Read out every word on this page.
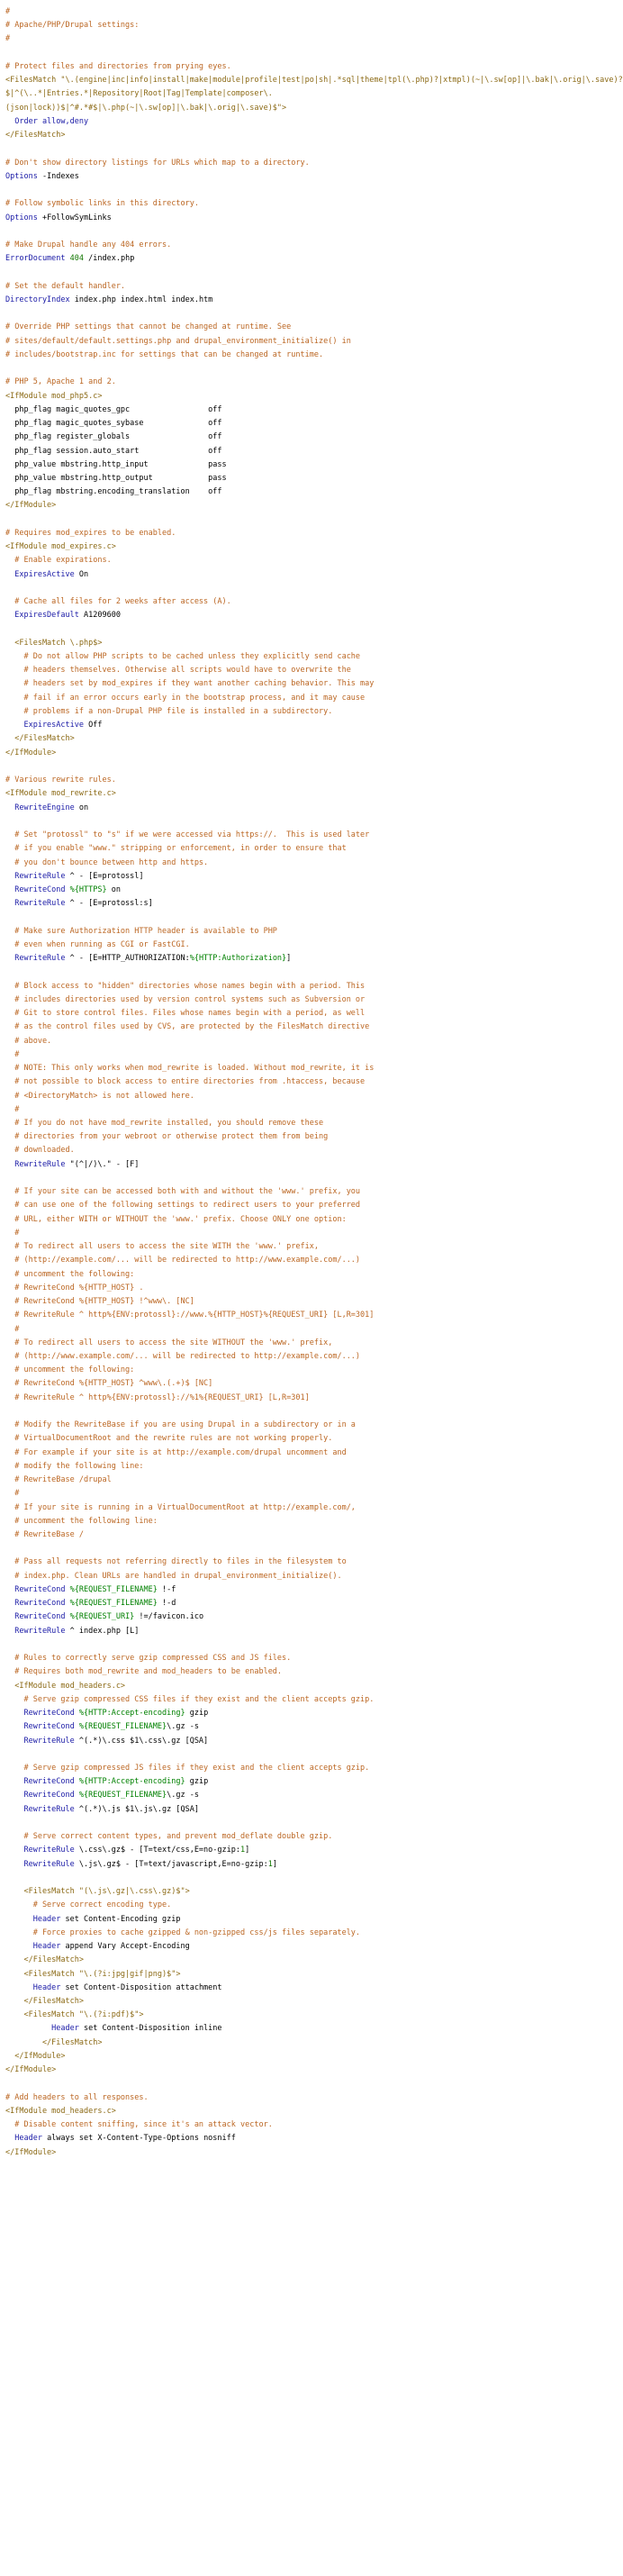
#
# Apache/PHP/Drupal settings:
#

# Protect files and directories from prying eyes.
<FilesMatch "\.(engine|inc|info|install|make|module|profile|test|po|sh|.*sql|theme|tpl(\.php)?|xtmpl)(~|\.sw[op]|\.bak|\.orig|\.save)?
$|^(\..*|Entries.*|Repository|Root|Tag|Template|composer\.
(json|lock))$|^#.*#$|\.php(~|\.sw[op]|\.bak|\.orig|\.save)$">
Order allow,deny
</FilesMatch>

# Don't show directory listings for URLs which map to a directory.
Options -Indexes

# Follow symbolic links in this directory.
Options +FollowSymLinks

# Make Drupal handle any 404 errors.
ErrorDocument 404 /index.php

# Set the default handler.
DirectoryIndex index.php index.html index.htm

# Override PHP settings that cannot be changed at runtime. See
# sites/default/default.settings.php and drupal_environment_initialize() in
# includes/bootstrap.inc for settings that can be changed at runtime.

# PHP 5, Apache 1 and 2.
<IfModule mod_php5.c>
php_flag magic_quotes_gpc                 off
php_flag magic_quotes_sybase              off
php_flag register_globals                 off
php_flag session.auto_start               off
php_value mbstring.http_input             pass
php_value mbstring.http_output            pass
php_flag mbstring.encoding_translation    off
</IfModule>

# Requires mod_expires to be enabled.
<IfModule mod_expires.c>
# Enable expirations.
ExpiresActive On

# Cache all files for 2 weeks after access (A).
ExpiresDefault A1209600

<FilesMatch \.php$>
# Do not allow PHP scripts to be cached unless they explicitly send cache
# headers themselves. Otherwise all scripts would have to overwrite the
# headers set by mod_expires if they want another caching behavior. This may
# fail if an error occurs early in the bootstrap process, and it may cause
# problems if a non-Drupal PHP file is installed in a subdirectory.
ExpiresActive Off
</FilesMatch>
</IfModule>

# Various rewrite rules.
<IfModule mod_rewrite.c>
RewriteEngine on

# Set "protossl" to "s" if we were accessed via https://.  This is used later
# if you enable "www." stripping or enforcement, in order to ensure that
# you don't bounce between http and https.
RewriteRule ^ - [E=protossl]
RewriteCond %{HTTPS} on
RewriteRule ^ - [E=protossl:s]

# Make sure Authorization HTTP header is available to PHP
# even when running as CGI or FastCGI.
RewriteRule ^ - [E=HTTP_AUTHORIZATION:%{HTTP:Authorization}]

# Block access to "hidden" directories whose names begin with a period. This
# includes directories used by version control systems such as Subversion or
# Git to store control files. Files whose names begin with a period, as well
# as the control files used by CVS, are protected by the FilesMatch directive
# above.
#
# NOTE: This only works when mod_rewrite is loaded. Without mod_rewrite, it is
# not possible to block access to entire directories from .htaccess, because
# <DirectoryMatch> is not allowed here.
#
# If you do not have mod_rewrite installed, you should remove these
# directories from your webroot or otherwise protect them from being
# downloaded.
RewriteRule "(^|/)\." - [F]

# If your site can be accessed both with and without the 'www.' prefix, you
# can use one of the following settings to redirect users to your preferred
# URL, either WITH or WITHOUT the 'www.' prefix. Choose ONLY one option:
#
# To redirect all users to access the site WITH the 'www.' prefix,
# (http://example.com/... will be redirected to http://www.example.com/...)
# uncomment the following:
# RewriteCond %{HTTP_HOST} .
# RewriteCond %{HTTP_HOST} !^www\. [NC]
# RewriteRule ^ http%{ENV:protossl}://www.%{HTTP_HOST}%{REQUEST_URI} [L,R=301]
#
# To redirect all users to access the site WITHOUT the 'www.' prefix,
# (http://www.example.com/... will be redirected to http://example.com/...)
# uncomment the following:
# RewriteCond %{HTTP_HOST} ^www\.(.+)$ [NC]
# RewriteRule ^ http%{ENV:protossl}://%1%{REQUEST_URI} [L,R=301]

# Modify the RewriteBase if you are using Drupal in a subdirectory or in a
# VirtualDocumentRoot and the rewrite rules are not working properly.
# For example if your site is at http://example.com/drupal uncomment and
# modify the following line:
# RewriteBase /drupal
#
# If your site is running in a VirtualDocumentRoot at http://example.com/,
# uncomment the following line:
# RewriteBase /

# Pass all requests not referring directly to files in the filesystem to
# index.php. Clean URLs are handled in drupal_environment_initialize().
RewriteCond %{REQUEST_FILENAME} !-f
RewriteCond %{REQUEST_FILENAME} !-d
RewriteCond %{REQUEST_URI} !=/favicon.ico
RewriteRule ^ index.php [L]

# Rules to correctly serve gzip compressed CSS and JS files.
# Requires both mod_rewrite and mod_headers to be enabled.
<IfModule mod_headers.c>
# Serve gzip compressed CSS files if they exist and the client accepts gzip.
RewriteCond %{HTTP:Accept-encoding} gzip
RewriteCond %{REQUEST_FILENAME}\.gz -s
RewriteRule ^(.*)\.css $1\.css\.gz [QSA]

# Serve gzip compressed JS files if they exist and the client accepts gzip.
RewriteCond %{HTTP:Accept-encoding} gzip
RewriteCond %{REQUEST_FILENAME}\.gz -s
RewriteRule ^(.*)\.js $1\.js\.gz [QSA]

# Serve correct content types, and prevent mod_deflate double gzip.
RewriteRule \.css\.gz$ - [T=text/css,E=no-gzip:1]
RewriteRule \.js\.gz$ - [T=text/javascript,E=no-gzip:1]

<FilesMatch "(\.js\.gz|\.css\.gz)$">
# Serve correct encoding type.
Header set Content-Encoding gzip
# Force proxies to cache gzipped & non-gzipped css/js files separately.
Header append Vary Accept-Encoding
</FilesMatch>
<FilesMatch "\.(?i:jpg|gif|png)$">
Header set Content-Disposition attachment
</FilesMatch>
<FilesMatch "\.(?i:pdf)$">
Header set Content-Disposition inline
</FilesMatch>
</IfModule>
</IfModule>

# Add headers to all responses.
<IfModule mod_headers.c>
# Disable content sniffing, since it's an attack vector.
Header always set X-Content-Type-Options nosniff
</IfModule>
